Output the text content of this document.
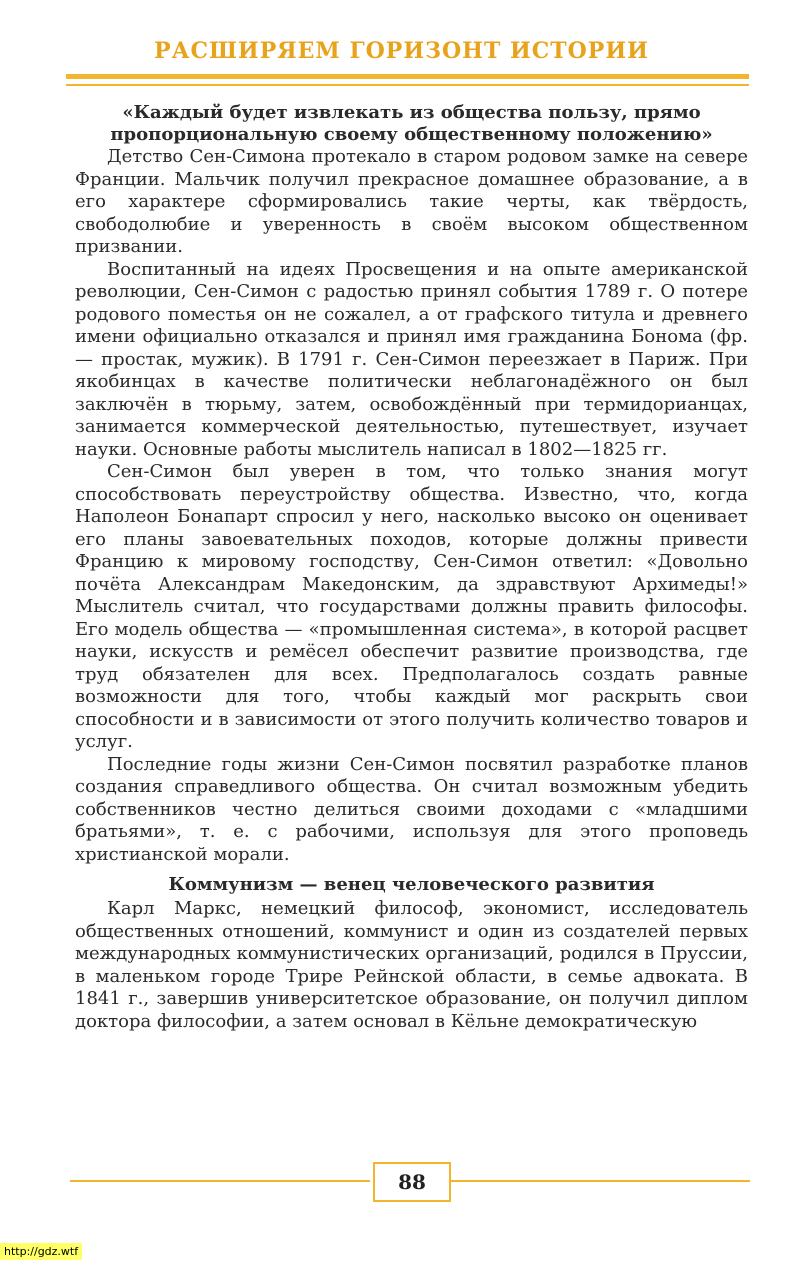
РАСШИРЯЕМ ГОРИЗОНТ ИСТОРИИ
«Каждый будет извлекать из общества пользу, прямо пропорциональную своему общественному положению»

Детство Сен-Симона протекало в старом родовом замке на севере Франции. Мальчик получил прекрасное домашнее образование, а в его характере сформировались такие черты, как твёрдость, свободолюбие и уверенность в своём высоком общественном призвании.

Воспитанный на идеях Просвещения и на опыте американской революции, Сен-Симон с радостью принял события 1789 г. О потере родового поместья он не сожалел, а от графского титула и древнего имени официально отказался и принял имя гражданина Бонома (фр. — простак, мужик). В 1791 г. Сен-Симон переезжает в Париж. При якобинцах в качестве политически неблагонадёжного он был заключён в тюрьму, затем, освобождённый при термидорианцах, занимается коммерческой деятельностью, путешествует, изучает науки. Основные работы мыслитель написал в 1802—1825 гг.

Сен-Симон был уверен в том, что только знания могут способствовать переустройству общества. Известно, что, когда Наполеон Бонапарт спросил у него, насколько высоко он оценивает его планы завоевательных походов, которые должны привести Францию к мировому господству, Сен-Симон ответил: «Довольно почёта Александрам Македонским, да здравствуют Архимеды!» Мыслитель считал, что государствами должны править философы. Его модель общества — «промышленная система», в которой расцвет науки, искусств и ремёсел обеспечит развитие производства, где труд обязателен для всех. Предполагалось создать равные возможности для того, чтобы каждый мог раскрыть свои способности и в зависимости от этого получить количество товаров и услуг.

Последние годы жизни Сен-Симон посвятил разработке планов создания справедливого общества. Он считал возможным убедить собственников честно делиться своими доходами с «младшими братьями», т. е. с рабочими, используя для этого проповедь христианской морали.

Коммунизм — венец человеческого развития

Карл Маркс, немецкий философ, экономист, исследователь общественных отношений, коммунист и один из создателей первых международных коммунистических организаций, родился в Пруссии, в маленьком городе Трире Рейнской области, в семье адвоката. В 1841 г., завершив университетское образование, он получил диплом доктора философии, а затем основал в Кёльне демократическую

88
http://gdz.wtf
